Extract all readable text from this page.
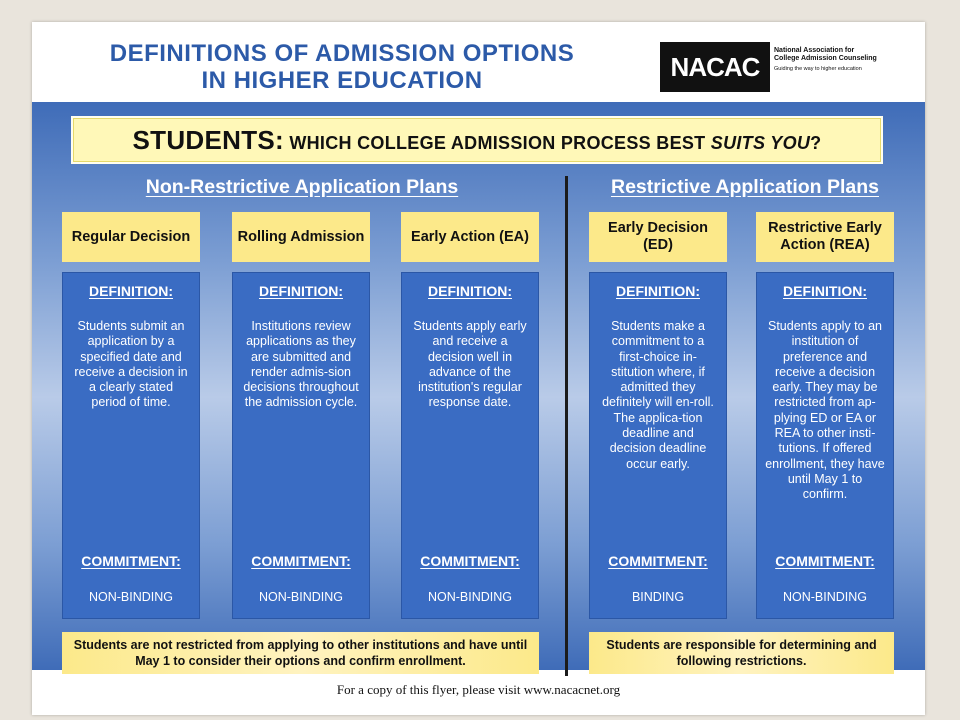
DEFINITIONS OF ADMISSION OPTIONS
IN HIGHER EDUCATION	NACAC
National Association for
College Admission Counseling
Guiding the way to higher education
STUDENTS: WHICH COLLEGE ADMISSION PROCESS BEST SUITS YOU?
Non-Restrictive Application Plans	Restrictive Application Plans
Regular Decision
DEFINITION:
Students submit an application by a specified date and receive a decision in a clearly stated period of time.
COMMITMENT:
NON-BINDING
Rolling Admission
DEFINITION:
Institutions review applications as they are submitted and render admis-sion decisions throughout the admission cycle.
COMMITMENT:
NON-BINDING
Early Action (EA)
DEFINITION:
Students apply early and receive a decision well in advance of the institution's regular response date.
COMMITMENT:
NON-BINDING
Early Decision (ED)
DEFINITION:
Students make a commitment to a first-choice in-stitution where, if admitted they definitely will en-roll. The applica-tion deadline and decision deadline occur early.
COMMITMENT:
BINDING
Restrictive Early Action (REA)
DEFINITION:
Students apply to an institution of preference and receive a decision early. They may be restricted from ap-plying ED or EA or REA to other insti-tutions. If offered enrollment, they have until May 1 to confirm.
COMMITMENT:
NON-BINDING
Students are not restricted from applying to other institutions and have until May 1 to consider their options and confirm enrollment.
Students are responsible for determining and following restrictions.
For a copy of this flyer, please visit www.nacacnet.org
